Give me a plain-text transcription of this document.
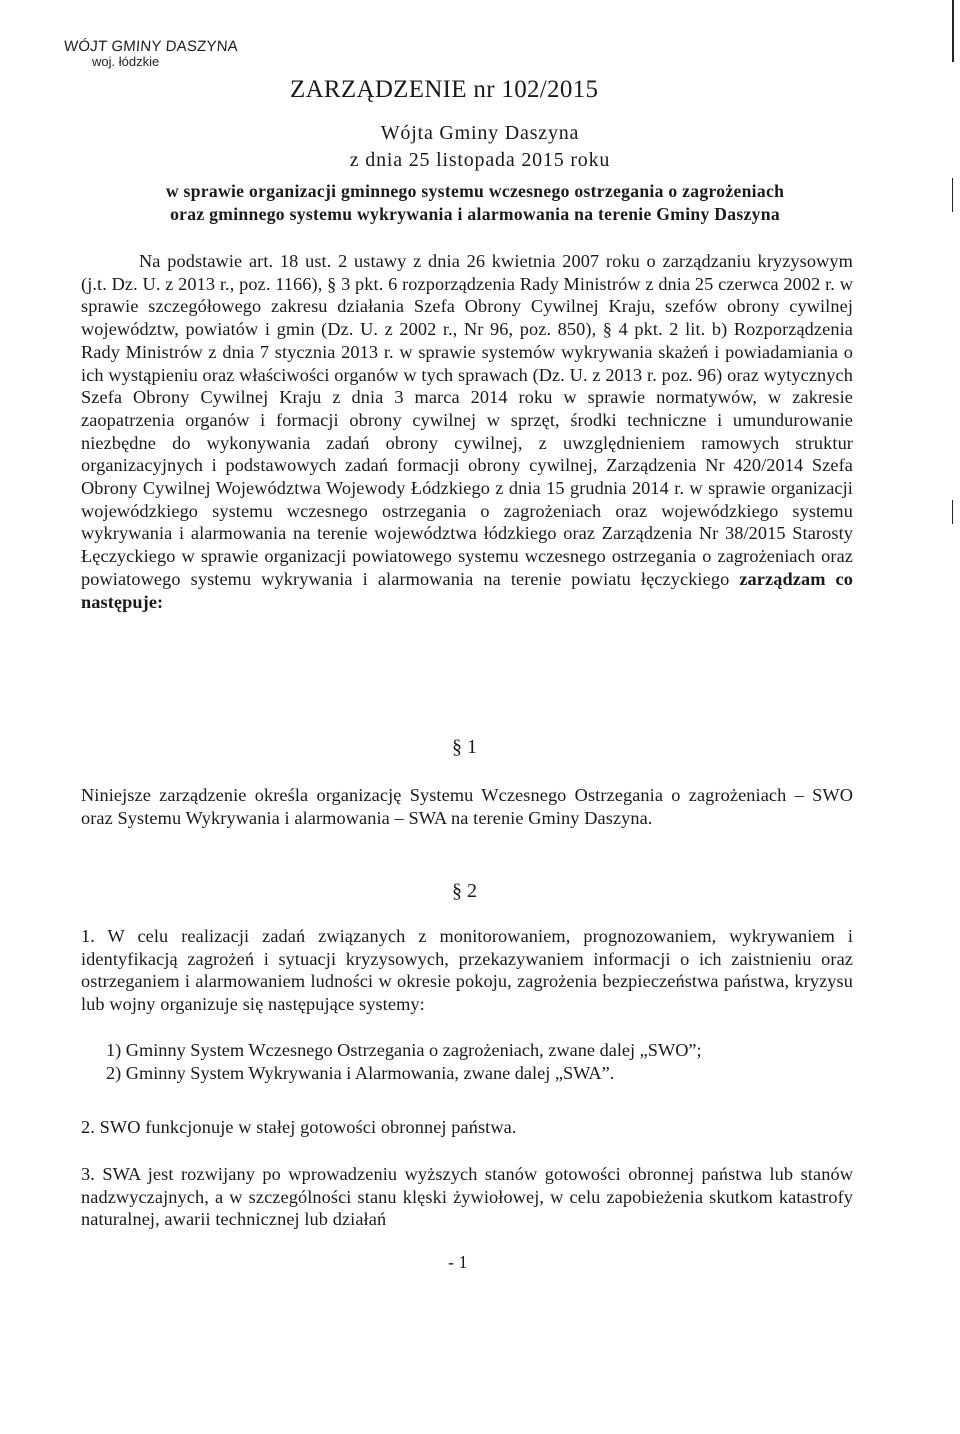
WÓJT GMINY DASZYNA
woj. łódzkie
ZARZĄDZENIE nr 102/2015
Wójta Gminy Daszyna
z dnia 25 listopada 2015 roku
w sprawie organizacji gminnego systemu wczesnego ostrzegania o zagrożeniach
oraz gminnego systemu wykrywania i alarmowania na terenie Gminy Daszyna
Na podstawie art. 18 ust. 2 ustawy z dnia 26 kwietnia 2007 roku o zarządzaniu kryzysowym (j.t. Dz. U. z 2013 r., poz. 1166), § 3 pkt. 6 rozporządzenia Rady Ministrów z dnia 25 czerwca 2002 r. w sprawie szczegółowego zakresu działania Szefa Obrony Cywilnej Kraju, szefów obrony cywilnej województw, powiatów i gmin (Dz. U. z 2002 r., Nr 96, poz. 850), § 4 pkt. 2 lit. b) Rozporządzenia Rady Ministrów z dnia 7 stycznia 2013 r. w sprawie systemów wykrywania skażeń i powiadamiania o ich wystąpieniu oraz właściwości organów w tych sprawach (Dz. U. z 2013 r. poz. 96) oraz wytycznych Szefa Obrony Cywilnej Kraju z dnia 3 marca 2014 roku w sprawie normatywów, w zakresie zaopatrzenia organów i formacji obrony cywilnej w sprzęt, środki techniczne i umundurowanie niezbędne do wykonywania zadań obrony cywilnej, z uwzględnieniem ramowych struktur organizacyjnych i podstawowych zadań formacji obrony cywilnej, Zarządzenia Nr 420/2014 Szefa Obrony Cywilnej Województwa Wojewody Łódzkiego z dnia 15 grudnia 2014 r. w sprawie organizacji wojewódzkiego systemu wczesnego ostrzegania o zagrożeniach oraz wojewódzkiego systemu wykrywania i alarmowania na terenie województwa łódzkiego oraz Zarządzenia Nr 38/2015 Starosty Łęczyckiego w sprawie organizacji powiatowego systemu wczesnego ostrzegania o zagrożeniach oraz powiatowego systemu wykrywania i alarmowania na terenie powiatu łęczyckiego zarządzam co następuje:
§ 1
Niniejsze zarządzenie określa organizację Systemu Wczesnego Ostrzegania o zagrożeniach – SWO oraz Systemu Wykrywania i alarmowania – SWA na terenie Gminy Daszyna.
§ 2
1. W celu realizacji zadań związanych z monitorowaniem, prognozowaniem, wykrywaniem i identyfikacją zagrożeń i sytuacji kryzysowych, przekazywaniem informacji o ich zaistnieniu oraz ostrzeganiem i alarmowaniem ludności w okresie pokoju, zagrożenia bezpieczeństwa państwa, kryzysu lub wojny organizuje się następujące systemy:
1) Gminny System Wczesnego Ostrzegania o zagrożeniach, zwane dalej „SWO”;
2) Gminny System Wykrywania i Alarmowania, zwane dalej „SWA”.
2. SWO funkcjonuje w stałej gotowości obronnej państwa.
3. SWA jest rozwijany po wprowadzeniu wyższych stanów gotowości obronnej państwa lub stanów nadzwyczajnych, a w szczególności stanu klęski żywiołowej, w celu zapobieżenia skutkom katastrofy naturalnej, awarii technicznej lub działań
- 1
